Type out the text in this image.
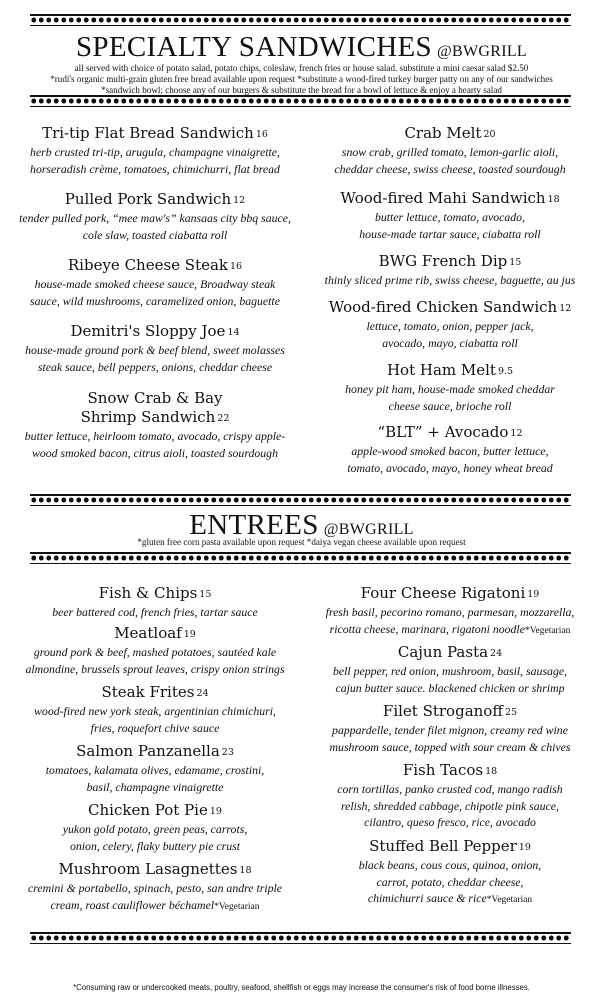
SPECIALTY SANDWICHES @BWGRILL
all served with choice of potato salad, potato chips, coleslaw, french fries or house salad. substitute a mini caesar salad $2.50
*rudi's organic multi-grain gluten free bread available upon request *substitute a wood-fired turkey burger patty on any of our sandwiches
*sandwich bowl; choose any of our burgers & substitute the bread for a bowl of lettuce & enjoy a hearty salad
Tri-tip Flat Bread Sandwich 16
herb crusted tri-tip, arugula, champagne vinaigrette,
horseradish crème, tomatoes, chimichurri, flat bread
Pulled Pork Sandwich 12
tender pulled pork, “mee maw's” kansaas city bbq sauce,
cole slaw, toasted ciabatta roll
Ribeye Cheese Steak 16
house-made smoked cheese sauce, Broadway steak
sauce, wild mushrooms, caramelized onion, baguette
Demitri's Sloppy Joe 14
house-made ground pork & beef blend, sweet molasses
steak sauce, bell peppers, onions, cheddar cheese
Snow Crab & Bay
Shrimp Sandwich 22
butter lettuce, heirloom tomato, avocado, crispy apple-
wood smoked bacon, citrus aioli, toasted sourdough
Crab Melt 20
snow crab, grilled tomato, lemon-garlic aioli,
cheddar cheese, swiss cheese, toasted sourdough
Wood-fired Mahi Sandwich 18
butter lettuce, tomato, avocado,
house-made tartar sauce, ciabatta roll
BWG French Dip 15
thinly sliced prime rib, swiss cheese, baguette, au jus
Wood-fired Chicken Sandwich 12
lettuce, tomato, onion, pepper jack,
avocado, mayo, ciabatta roll
Hot Ham Melt 9.5
honey pit ham, house-made smoked cheddar
cheese sauce, brioche roll
“BLT” + Avocado 12
apple-wood smoked bacon, butter lettuce,
tomato, avocado, mayo, honey wheat bread
ENTREES @BWGRILL
*gluten free corn pasta available upon request *daiya vegan cheese available upon request
Fish & Chips 15
beer battered cod, french fries, tartar sauce
Meatloaf 19
ground pork & beef, mashed potatoes, sautéed kale
almondine, brussels sprout leaves, crispy onion strings
Steak Frites 24
wood-fired new york steak, argentinian chimichuri,
fries, roquefort chive sauce
Salmon Panzanella 23
tomatoes, kalamata olives, edamame, crostini,
basil, champagne vinaigrette
Chicken Pot Pie 19
yukon gold potato, green peas, carrots,
onion, celery, flaky buttery pie crust
Mushroom Lasagnettes 18
cremini & portabello, spinach, pesto, san andre triple
cream, roast cauliflower béchamel*Vegetarian
Four Cheese Rigatoni 19
fresh basil, pecorino romano, parmesan, mozzarella,
ricotta cheese, marinara, rigatoni noodle*Vegetarian
Cajun Pasta 24
bell pepper, red onion, mushroom, basil, sausage,
cajun butter sauce. blackened chicken or shrimp
Filet Stroganoff 25
pappardelle, tender filet mignon, creamy red wine
mushroom sauce, topped with sour cream & chives
Fish Tacos 18
corn tortillas, panko crusted cod, mango radish
relish, shredded cabbage, chipotle pink sauce,
cilantro, queso fresco, rice, avocado
Stuffed Bell Pepper 19
black beans, cous cous, quinoa, onion,
carrot, potato, cheddar cheese,
chimichurri sauce & rice*Vegetarian
*Consuming raw or undercooked meats, poultry, seafood, shellfish or eggs may increase the consumer's risk of food borne illnesses.
